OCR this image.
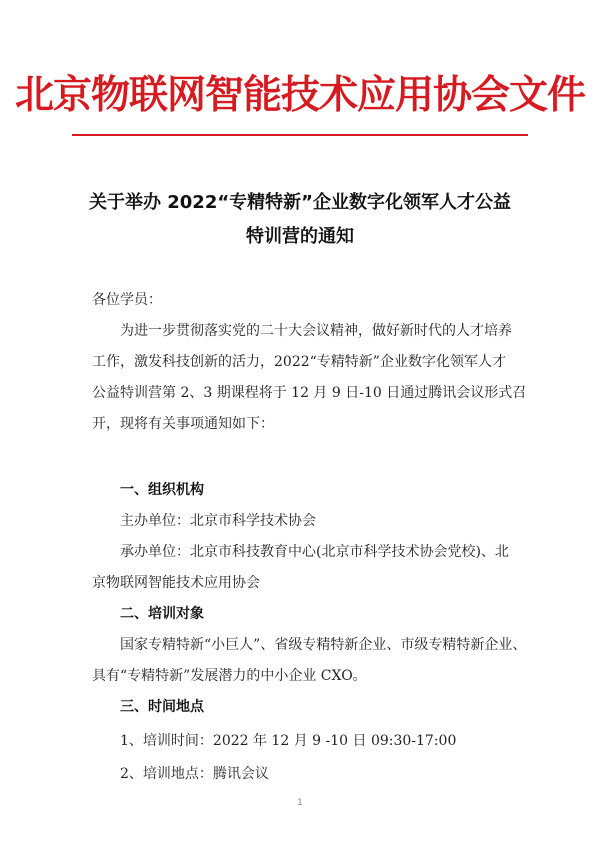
北京物联网智能技术应用协会文件
关于举办 2022“专精特新”企业数字化领军人才公益
特训营的通知
各位学员：
为进一步贯彻落实党的二十大会议精神，做好新时代的人才培养
工作，激发科技创新的活力，2022“专精特新”企业数字化领军人才
公益特训营第 2、3 期课程将于 12 月 9 日-10 日通过腾讯会议形式召
开，现将有关事项通知如下：
一、组织机构
主办单位：北京市科学技术协会
承办单位：北京市科技教育中心(北京市科学技术协会党校)、北
京物联网智能技术应用协会
二、培训对象
国家专精特新“小巨人”、省级专精特新企业、市级专精特新企业、
具有“专精特新”发展潜力的中小企业 CXO。
三、时间地点
1、培训时间：2022 年 12 月 9 -10 日 09:30-17:00
2、培训地点：腾讯会议
1
